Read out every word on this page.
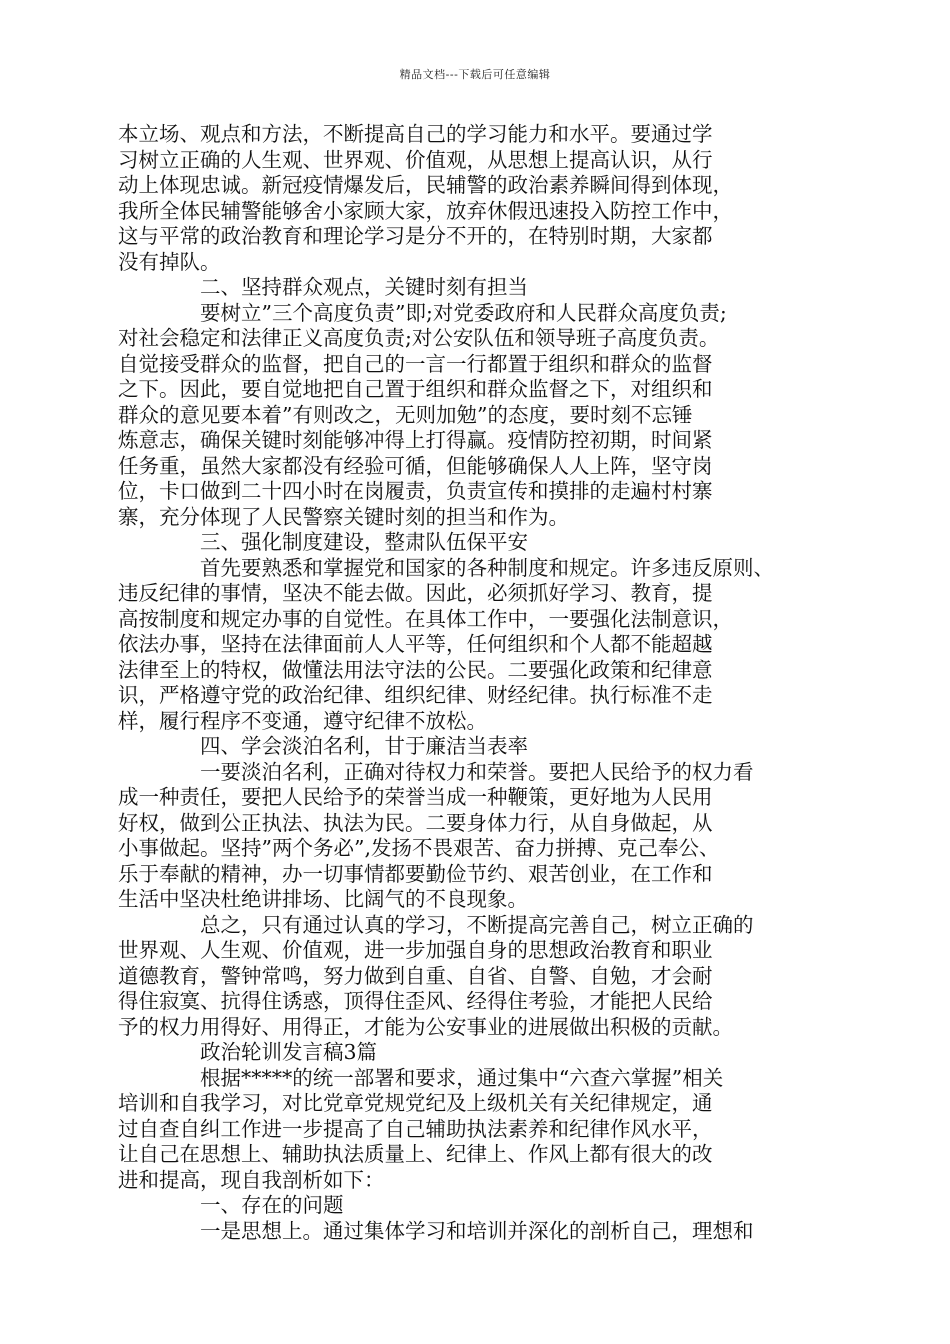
精品文档---下载后可任意编辑
本立场、观点和方法，不断提高自己的学习能力和水平。要通过学
习树立正确的人生观、世界观、价值观，从思想上提高认识，从行
动上体现忠诚。新冠疫情爆发后，民辅警的政治素养瞬间得到体现，
我所全体民辅警能够舍小家顾大家，放弃休假迅速投入防控工作中，
这与平常的政治教育和理论学习是分不开的，在特别时期，大家都
没有掉队。
二、坚持群众观点，关键时刻有担当
要树立”三个高度负责”即;对党委政府和人民群众高度负责;
对社会稳定和法律正义高度负责;对公安队伍和领导班子高度负责。
自觉接受群众的监督，把自己的一言一行都置于组织和群众的监督
之下。因此，要自觉地把自己置于组织和群众监督之下，对组织和
群众的意见要本着”有则改之，无则加勉”的态度，要时刻不忘锤
炼意志，确保关键时刻能够冲得上打得赢。疫情防控初期，时间紧
任务重，虽然大家都没有经验可循，但能够确保人人上阵，坚守岗
位，卡口做到二十四小时在岗履责，负责宣传和摸排的走遍村村寨
寨，充分体现了人民警察关键时刻的担当和作为。
三、强化制度建设，整肃队伍保平安
首先要熟悉和掌握党和国家的各种制度和规定。许多违反原则、
违反纪律的事情，坚决不能去做。因此，必须抓好学习、教育，提
高按制度和规定办事的自觉性。在具体工作中，一要强化法制意识，
依法办事，坚持在法律面前人人平等，任何组织和个人都不能超越
法律至上的特权，做懂法用法守法的公民。二要强化政策和纪律意
识，严格遵守党的政治纪律、组织纪律、财经纪律。执行标准不走
样，履行程序不变通，遵守纪律不放松。
四、学会淡泊名利，甘于廉洁当表率
一要淡泊名利，正确对待权力和荣誉。要把人民给予的权力看
成一种责任，要把人民给予的荣誉当成一种鞭策，更好地为人民用
好权，做到公正执法、执法为民。二要身体力行，从自身做起，从
小事做起。坚持”两个务必”,发扬不畏艰苦、奋力拼搏、克己奉公、
乐于奉献的精神，办一切事情都要勤俭节约、艰苦创业，在工作和
生活中坚决杜绝讲排场、比阔气的不良现象。
总之，只有通过认真的学习，不断提高完善自己，树立正确的
世界观、人生观、价值观，进一步加强自身的思想政治教育和职业
道德教育，警钟常鸣，努力做到自重、自省、自警、自勉，才会耐
得住寂寞、抗得住诱惑，顶得住歪风、经得住考验，才能把人民给
予的权力用得好、用得正，才能为公安事业的进展做出积极的贡献。
政治轮训发言稿3篇
根据*****的统一部署和要求，通过集中“六查六掌握”相关
培训和自我学习，对比党章党规党纪及上级机关有关纪律规定，通
过自查自纠工作进一步提高了自己辅助执法素养和纪律作风水平，
让自己在思想上、辅助执法质量上、纪律上、作风上都有很大的改
进和提高，现自我剖析如下：
一、存在的问题
一是思想上。通过集体学习和培训并深化的剖析自己，理想和
